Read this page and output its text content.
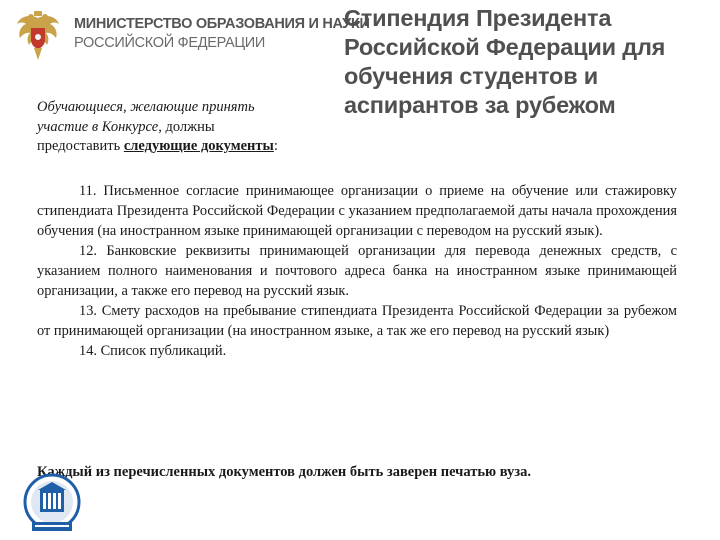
МИНИСТЕРСТВО ОБРАЗОВАНИЯ И НАУКИ
РОССИЙСКОЙ ФЕДЕРАЦИИ
Стипендия Президента
Российской Федерации для
обучения студентов и
аспирантов за рубежом
Обучающиеся, желающие принять
участие в Конкурсе, должны
предоставить следующие документы:

11. Письменное согласие принимающее организации о приеме на обучение или стажировку стипендиата Президента Российской Федерации с указанием предполагаемой даты начала прохождения обучения (на иностранном языке принимающей организации с переводом на русский язык).

12. Банковские реквизиты принимающей организации для перевода денежных средств, с указанием полного наименования и почтового адреса банка на иностранном языке принимающей организации, а также его перевод на русский язык.

13. Смету расходов на пребывание стипендиата Президента Российской Федерации за рубежом от принимающей организации (на иностранном языке, а так же его перевод на русский язык)

14. Список публикаций.

Каждый из перечисленных документов должен быть заверен печатью вуза.
